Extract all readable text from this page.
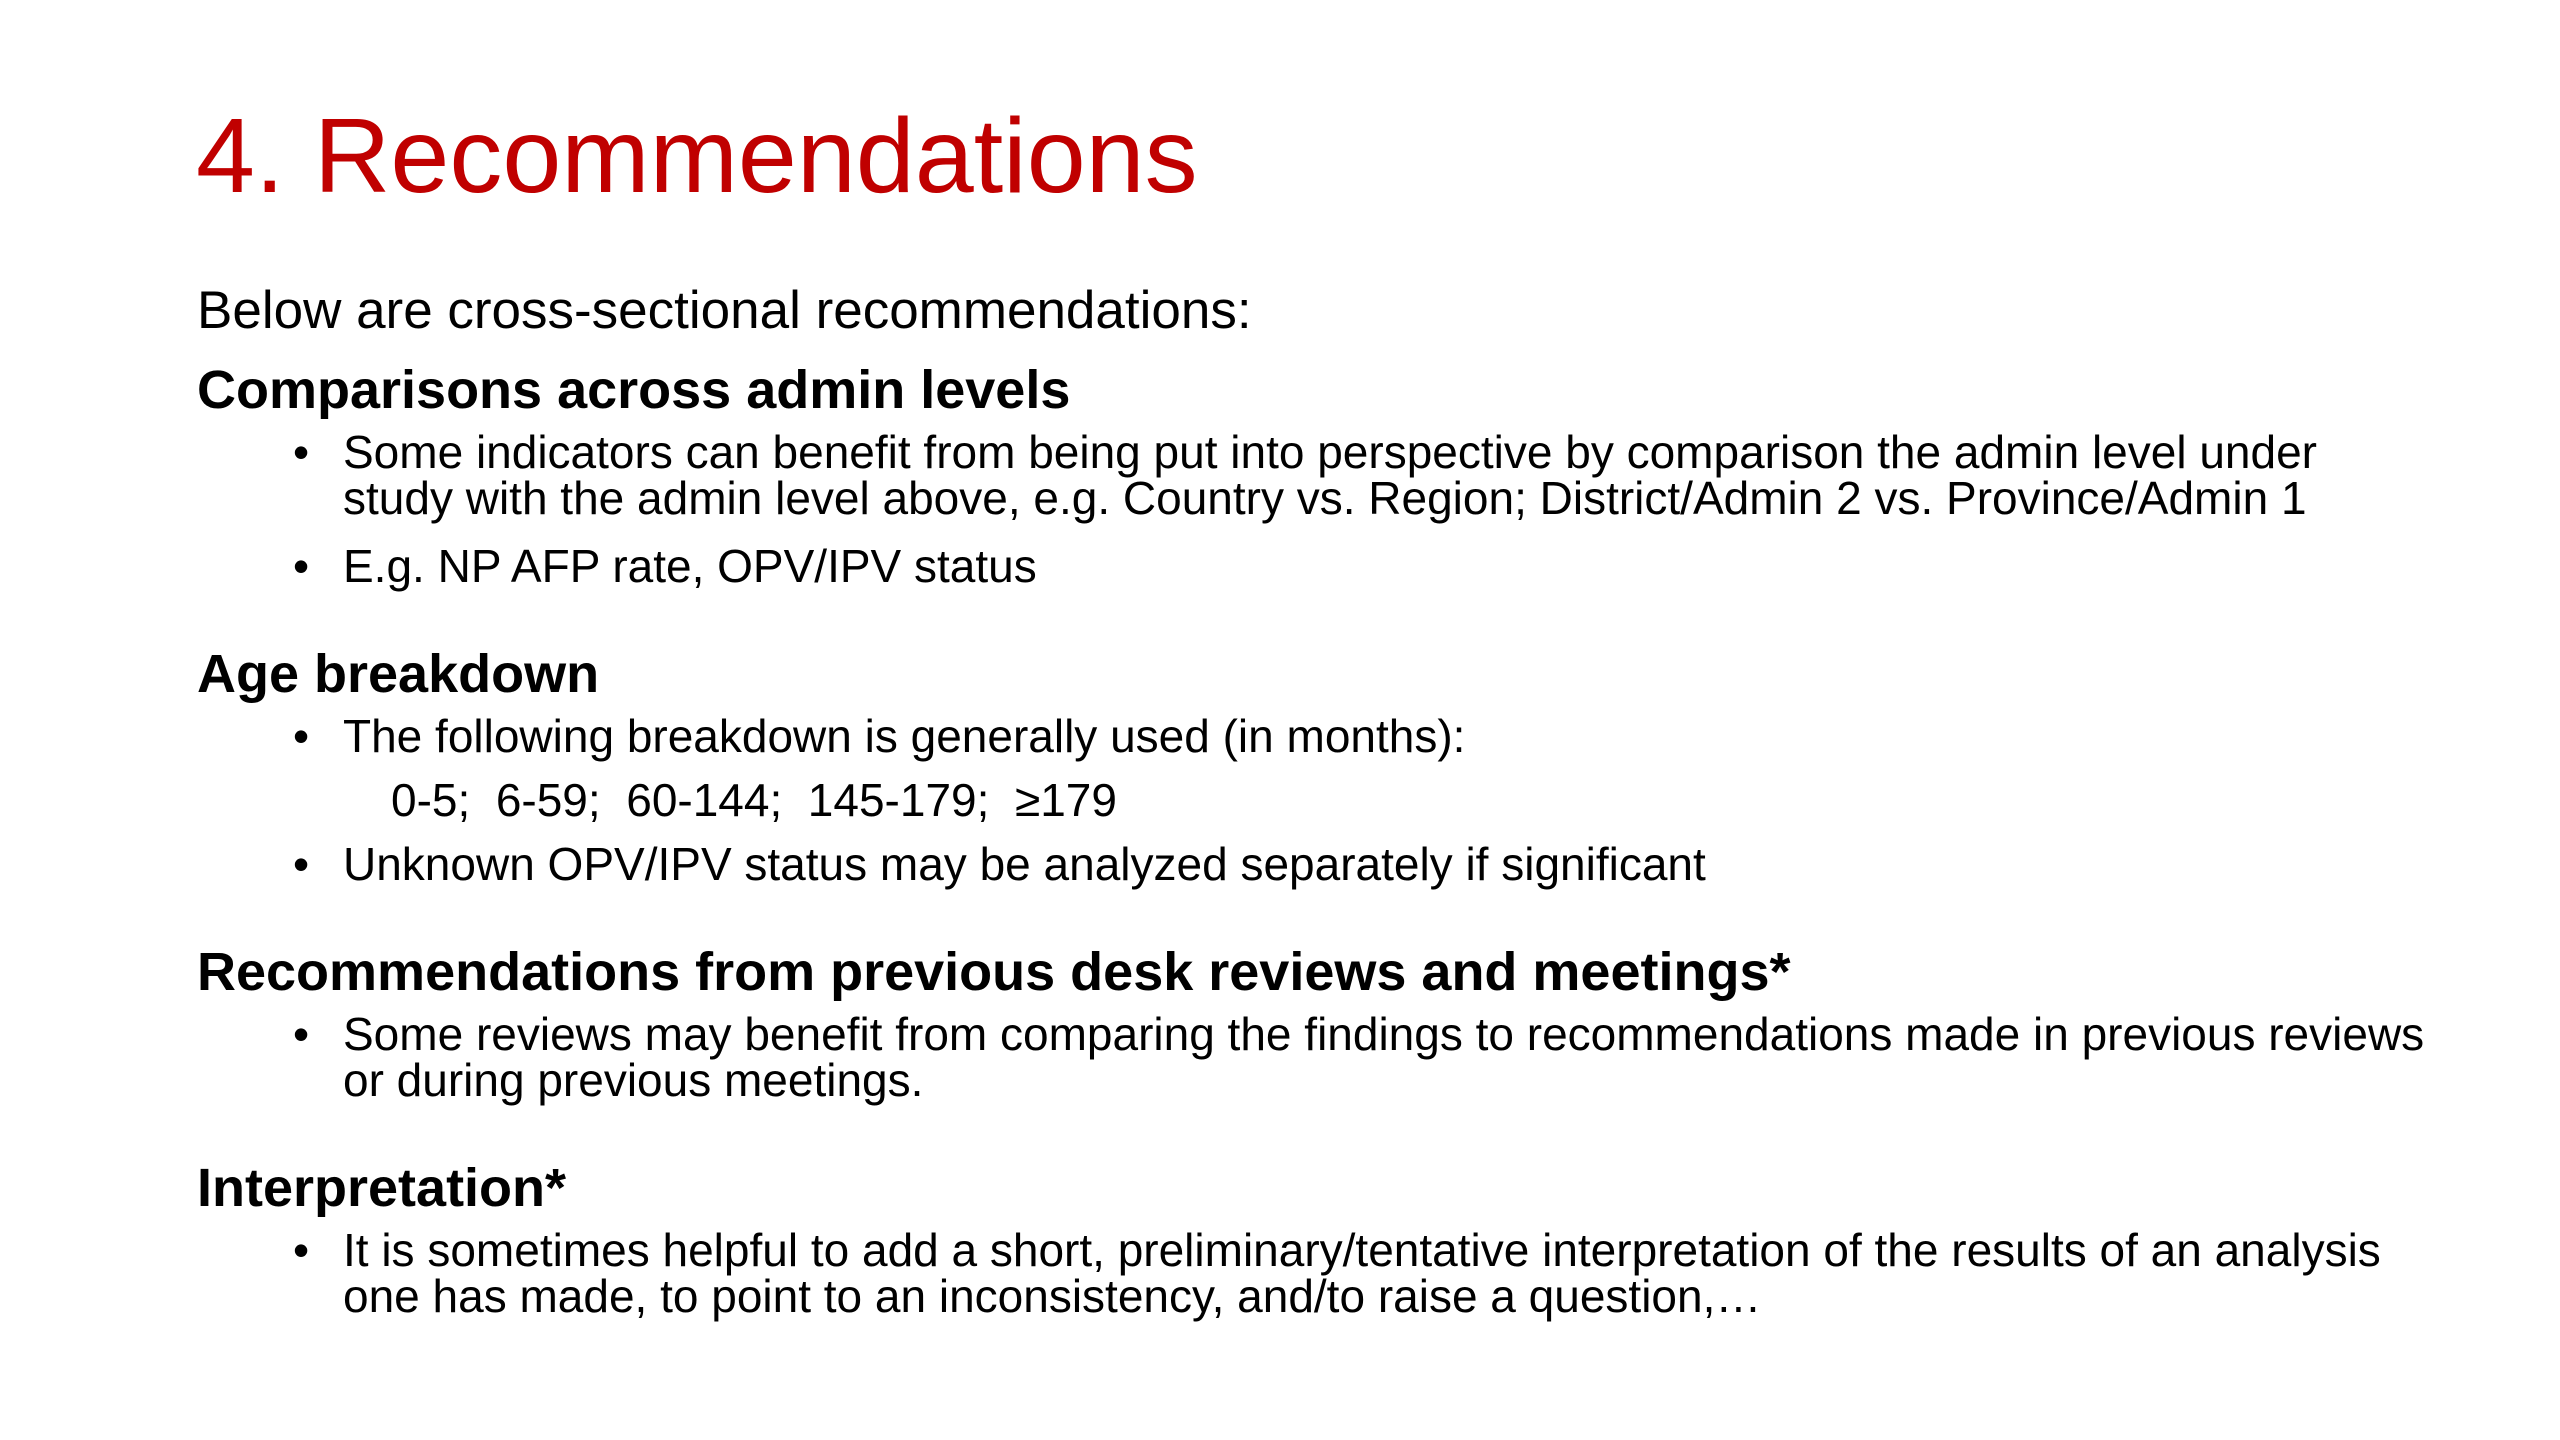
4. Recommendations

Below are cross-sectional recommendations:

Comparisons across admin levels
• Some indicators can benefit from being put into perspective by comparison the admin level under study with the admin level above, e.g. Country vs. Region; District/Admin 2 vs. Province/Admin 1
• E.g. NP AFP rate, OPV/IPV status
Age breakdown
• The following breakdown is generally used (in months):
0-5;  6-59;  60-144;  145-179;  ≥179
• Unknown OPV/IPV status may be analyzed separately if significant
Recommendations from previous desk reviews and meetings*
• Some reviews may benefit from comparing the findings to recommendations made in previous reviews or during previous meetings.
Interpretation*
• It is sometimes helpful to add a short, preliminary/tentative interpretation of the results of an analysis one has made, to point to an inconsistency, and/to raise a question,…
